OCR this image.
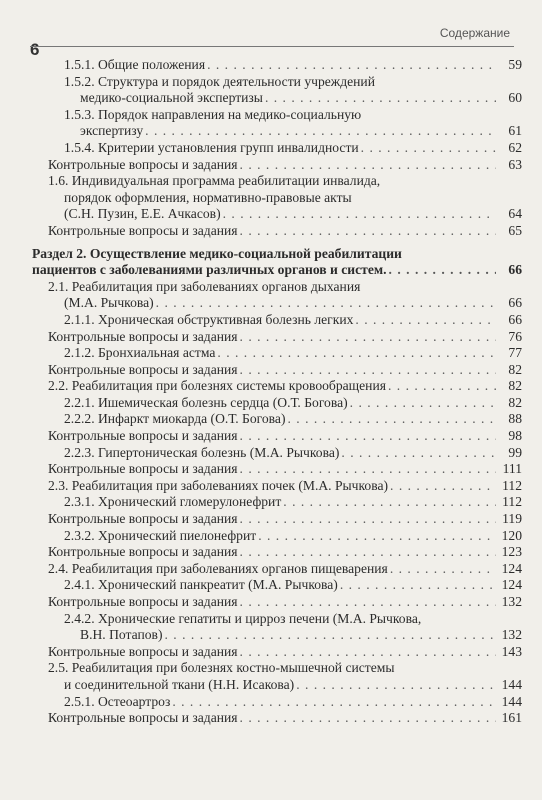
6
Содержание
1.5.1. Общие положения . . .	59
1.5.2. Структура и порядок деятельности учреждений
медико-социальной экспертизы . . .	60
1.5.3. Порядок направления на медико-социальную
экспертизу . . .	61
1.5.4. Критерии установления групп инвалидности . . .	62
Контрольные вопросы и задания . . .	63
1.6. Индивидуальная программа реабилитации инвалида,
порядок оформления, нормативно-правовые акты
(С.Н. Пузин, Е.Е. Ачкасов) . . .	64
Контрольные вопросы и задания . . .	65
Раздел 2. Осуществление медико-социальной реабилитации
пациентов с заболеваниями различных органов и систем. . . .	66
2.1. Реабилитация при заболеваниях органов дыхания
(М.А. Рычкова) . . .	66
2.1.1. Хроническая обструктивная болезнь легких . . .	66
Контрольные вопросы и задания . . .	76
2.1.2. Бронхиальная астма . . .	77
Контрольные вопросы и задания . . .	82
2.2. Реабилитация при болезнях системы кровообращения . . .	82
2.2.1. Ишемическая болезнь сердца (О.Т. Богова) . . .	82
2.2.2. Инфаркт миокарда (О.Т. Богова) . . .	88
Контрольные вопросы и задания . . .	98
2.2.3. Гипертоническая болезнь (М.А. Рычкова) . . .	99
Контрольные вопросы и задания . . .	111
2.3. Реабилитация при заболеваниях почек (М.А. Рычкова) . . .	112
2.3.1. Хронический гломерулонефрит . . .	112
Контрольные вопросы и задания . . .	119
2.3.2. Хронический пиелонефрит . . .	120
Контрольные вопросы и задания . . .	123
2.4. Реабилитация при заболеваниях органов пищеварения . . .	124
2.4.1. Хронический панкреатит (М.А. Рычкова) . . .	124
Контрольные вопросы и задания . . .	132
2.4.2. Хронические гепатиты и цирроз печени (М.А. Рычкова,
В.Н. Потапов) . . .	132
Контрольные вопросы и задания . . .	143
2.5. Реабилитация при болезнях костно-мышечной системы
и соединительной ткани (Н.Н. Исакова) . . .	144
2.5.1. Остеоартроз . . .	144
Контрольные вопросы и задания . . .	161
